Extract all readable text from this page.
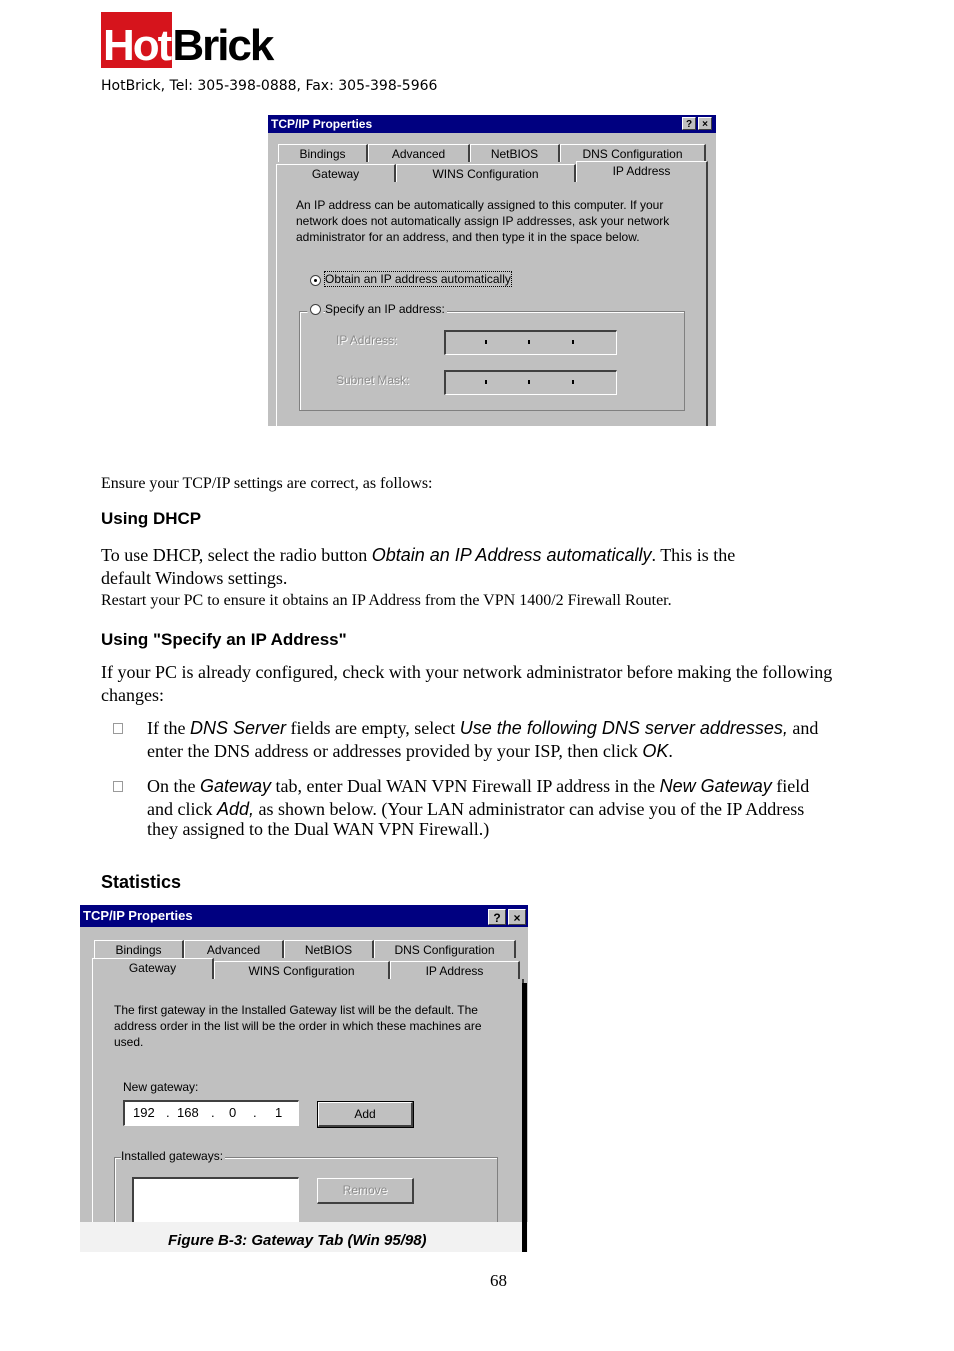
Hot Brick
HotBrick, Tel: 305-398-0888, Fax: 305-398-5966
TCP/IP Properties	?	×
Bindings	Advanced	NetBIOS	DNS Configuration
Gateway	WINS Configuration	IP Address
An IP address can be automatically assigned to this computer. If your network does not automatically assign IP addresses, ask your network administrator for an address, and then type it in the space below.
Obtain an IP address automatically
Specify an IP address:
IP Address:
Subnet Mask:
Ensure your TCP/IP settings are correct, as follows:
Using DHCP
To use DHCP, select the radio button Obtain an IP Address automatically. This is the
default Windows settings.
Restart your PC to ensure it obtains an IP Address from the VPN 1400/2 Firewall Router.
Using "Specify an IP Address"
If your PC is already configured, check with your network administrator before making the following
changes:
If the DNS Server fields are empty, select Use the following DNS server addresses, and
enter the DNS address or addresses provided by your ISP, then click OK.
On the Gateway tab, enter Dual WAN VPN Firewall IP address in the New Gateway field
and click Add, as shown below. (Your LAN administrator can advise you of the IP Address
they assigned to the Dual WAN VPN Firewall.)
Statistics
TCP/IP Properties	?	×
Bindings	Advanced	NetBIOS	DNS Configuration
Gateway	WINS Configuration	IP Address
The first gateway in the Installed Gateway list will be the default. The address order in the list will be the order in which these machines are used.
New gateway:
192 . 168 . 0 . 1	Add
Installed gateways:
Remove
Figure B-3: Gateway Tab (Win 95/98)
68
